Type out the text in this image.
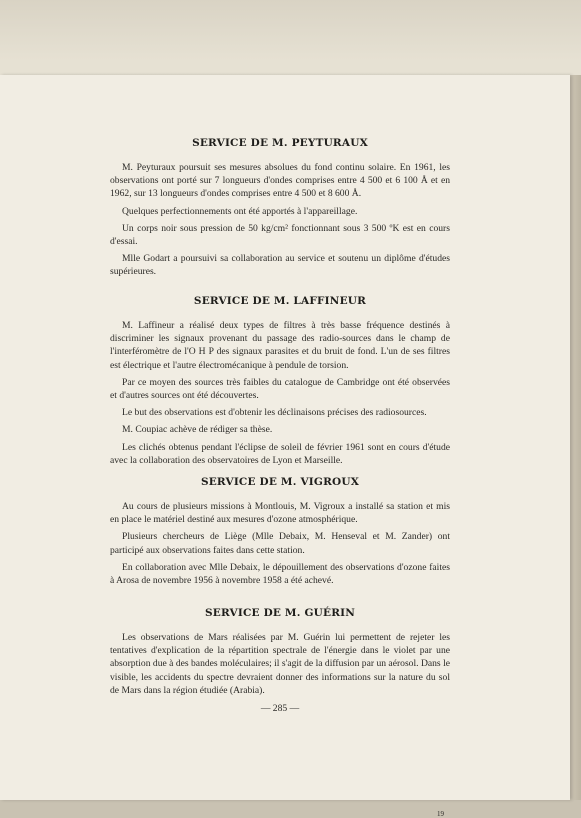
SERVICE DE M. PEYTURAUX

M. Peyturaux poursuit ses mesures absolues du fond continu solaire. En 1961, les observations ont porté sur 7 longueurs d'ondes comprises entre 4 500 et 6 100 Å et en 1962, sur 13 longueurs d'ondes comprises entre 4 500 et 8 600 Å.

Quelques perfectionnements ont été apportés à l'appareillage.

Un corps noir sous pression de 50 kg/cm² fonctionnant sous 3 500 ºK est en cours d'essai.

Mlle Godart a poursuivi sa collaboration au service et soutenu un diplôme d'études supérieures.

SERVICE DE M. LAFFINEUR

M. Laffineur a réalisé deux types de filtres à très basse fréquence destinés à discriminer les signaux provenant du passage des radio-sources dans le champ de l'interféromètre de l'O H P des signaux parasites et du bruit de fond. L'un de ses filtres est électrique et l'autre électromécanique à pendule de torsion.

Par ce moyen des sources très faibles du catalogue de Cambridge ont été observées et d'autres sources ont été découvertes.

Le but des observations est d'obtenir les déclinaisons précises des radiosources.

M. Coupiac achève de rédiger sa thèse.

Les clichés obtenus pendant l'éclipse de soleil de février 1961 sont en cours d'étude avec la collaboration des observatoires de Lyon et Marseille.

SERVICE DE M. VIGROUX

Au cours de plusieurs missions à Montlouis, M. Vigroux a installé sa station et mis en place le matériel destiné aux mesures d'ozone atmosphérique.

Plusieurs chercheurs de Liège (Mlle Debaix, M. Henseval et M. Zander) ont participé aux observations faites dans cette station.

En collaboration avec Mlle Debaix, le dépouillement des observations d'ozone faites à Arosa de novembre 1956 à novembre 1958 a été achevé.

SERVICE DE M. GUÉRIN

Les observations de Mars réalisées par M. Guérin lui permettent de rejeter les tentatives d'explication de la répartition spectrale de l'énergie dans le violet par une absorption due à des bandes moléculaires; il s'agit de la diffusion par un aérosol. Dans le visible, les accidents du spectre devraient donner des informations sur la nature du sol de Mars dans la région étudiée (Arabia).

— 285 —
19
